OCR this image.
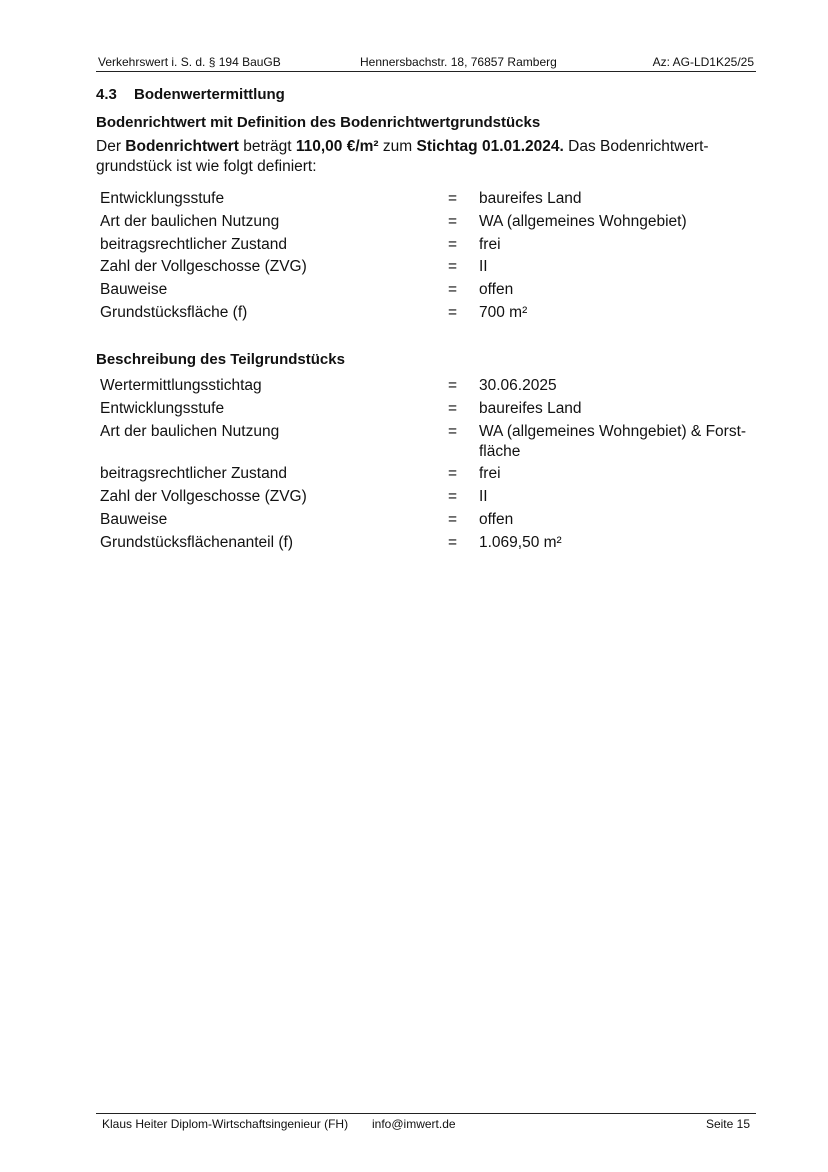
Verkehrswert i. S. d. § 194 BauGB	Hennersbachstr. 18, 76857 Ramberg	Az: AG-LD1K25/25
4.3 Bodenwertermittlung
Bodenrichtwert mit Definition des Bodenrichtwertgrundstücks
Der Bodenrichtwert beträgt 110,00 €/m² zum Stichtag 01.01.2024. Das Bodenrichtwert-grundstück ist wie folgt definiert:
Entwicklungsstufe	= baureifes Land
Art der baulichen Nutzung	= WA (allgemeines Wohngebiet)
beitragsrechtlicher Zustand	= frei
Zahl der Vollgeschosse (ZVG)	= II
Bauweise	= offen
Grundstücksfläche (f)	= 700 m²
Beschreibung des Teilgrundstücks
Wertermittlungsstichtag	= 30.06.2025
Entwicklungsstufe	= baureifes Land
Art der baulichen Nutzung	= WA (allgemeines Wohngebiet) & Forst-fläche
beitragsrechtlicher Zustand	= frei
Zahl der Vollgeschosse (ZVG)	= II
Bauweise	= offen
Grundstücksflächenanteil (f)	= 1.069,50 m²
Klaus Heiter Diplom-Wirtschaftsingenieur (FH) info@imwert.de	Seite 15
